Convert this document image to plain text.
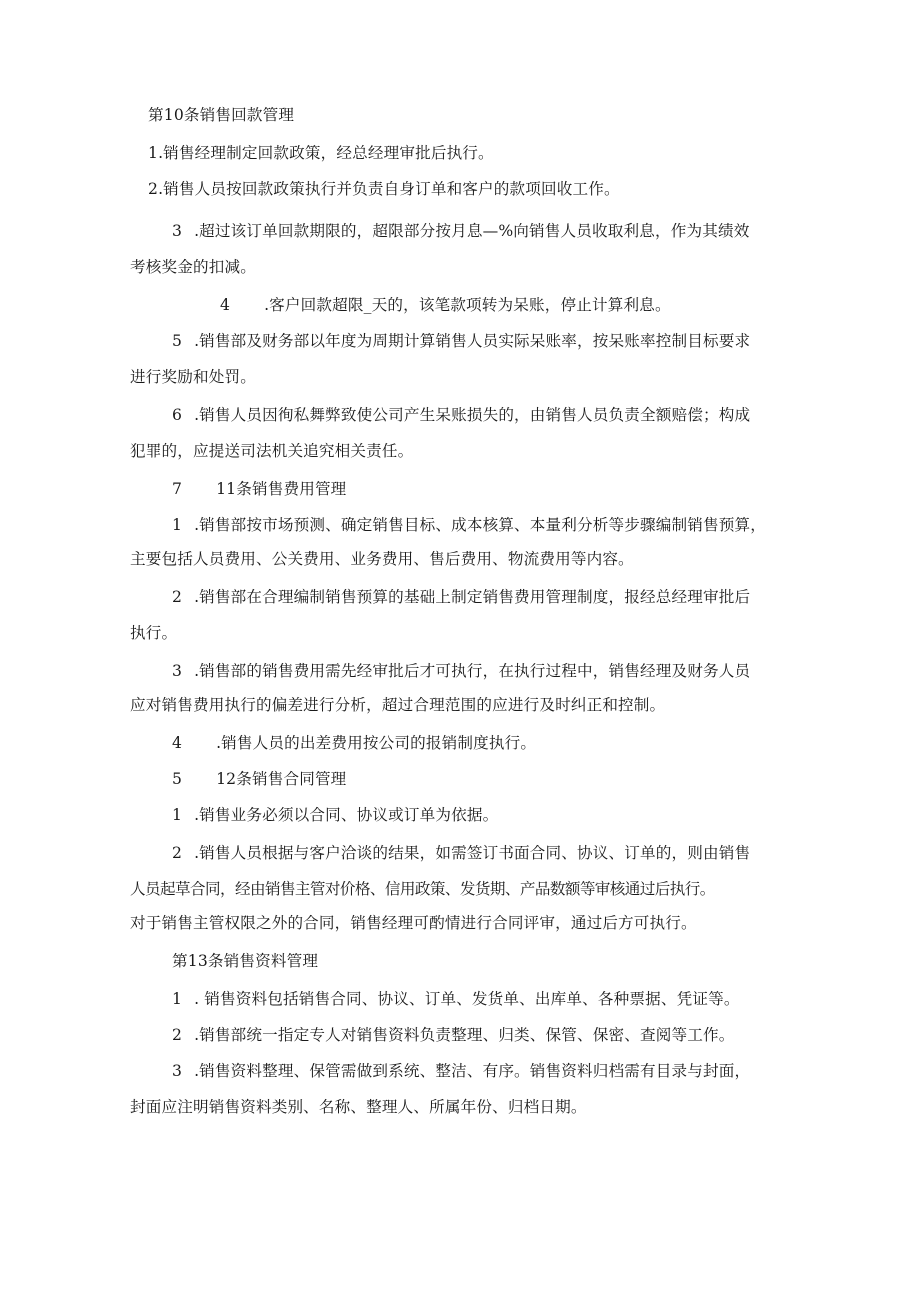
第10条销售回款管理
1.销售经理制定回款政策，经总经理审批后执行。
2.销售人员按回款政策执行并负责自身订单和客户的款项回收工作。
3 .超过该订单回款期限的，超限部分按月息—%向销售人员收取利息，作为其绩效
考核奖金的扣减。
4 .客户回款超限_天的，该笔款项转为呆账，停止计算利息。
5 .销售部及财务部以年度为周期计算销售人员实际呆账率，按呆账率控制目标要求
进行奖励和处罚。
6 .销售人员因徇私舞弊致使公司产生呆账损失的，由销售人员负责全额赔偿；构成
犯罪的，应提送司法机关追究相关责任。
7 11条销售费用管理
1 .销售部按市场预测、确定销售目标、成本核算、本量利分析等步骤编制销售预算，
主要包括人员费用、公关费用、业务费用、售后费用、物流费用等内容。
2 .销售部在合理编制销售预算的基础上制定销售费用管理制度，报经总经理审批后
执行。
3 .销售部的销售费用需先经审批后才可执行，在执行过程中，销售经理及财务人员
应对销售费用执行的偏差进行分析，超过合理范围的应进行及时纠正和控制。
4 .销售人员的出差费用按公司的报销制度执行。
5 12条销售合同管理
1 .销售业务必须以合同、协议或订单为依据。
2 .销售人员根据与客户洽谈的结果，如需签订书面合同、协议、订单的，则由销售
人员起草合同，经由销售主管对价格、信用政策、发货期、产品数额等审核通过后执行。
对于销售主管权限之外的合同，销售经理可酌情进行合同评审，通过后方可执行。
第13条销售资料管理
1 . 销售资料包括销售合同、协议、订单、发货单、出库单、各种票据、凭证等。
2 .销售部统一指定专人对销售资料负责整理、归类、保管、保密、查阅等工作。
3 .销售资料整理、保管需做到系统、整洁、有序。销售资料归档需有目录与封面，
封面应注明销售资料类别、名称、整理人、所属年份、归档日期。
